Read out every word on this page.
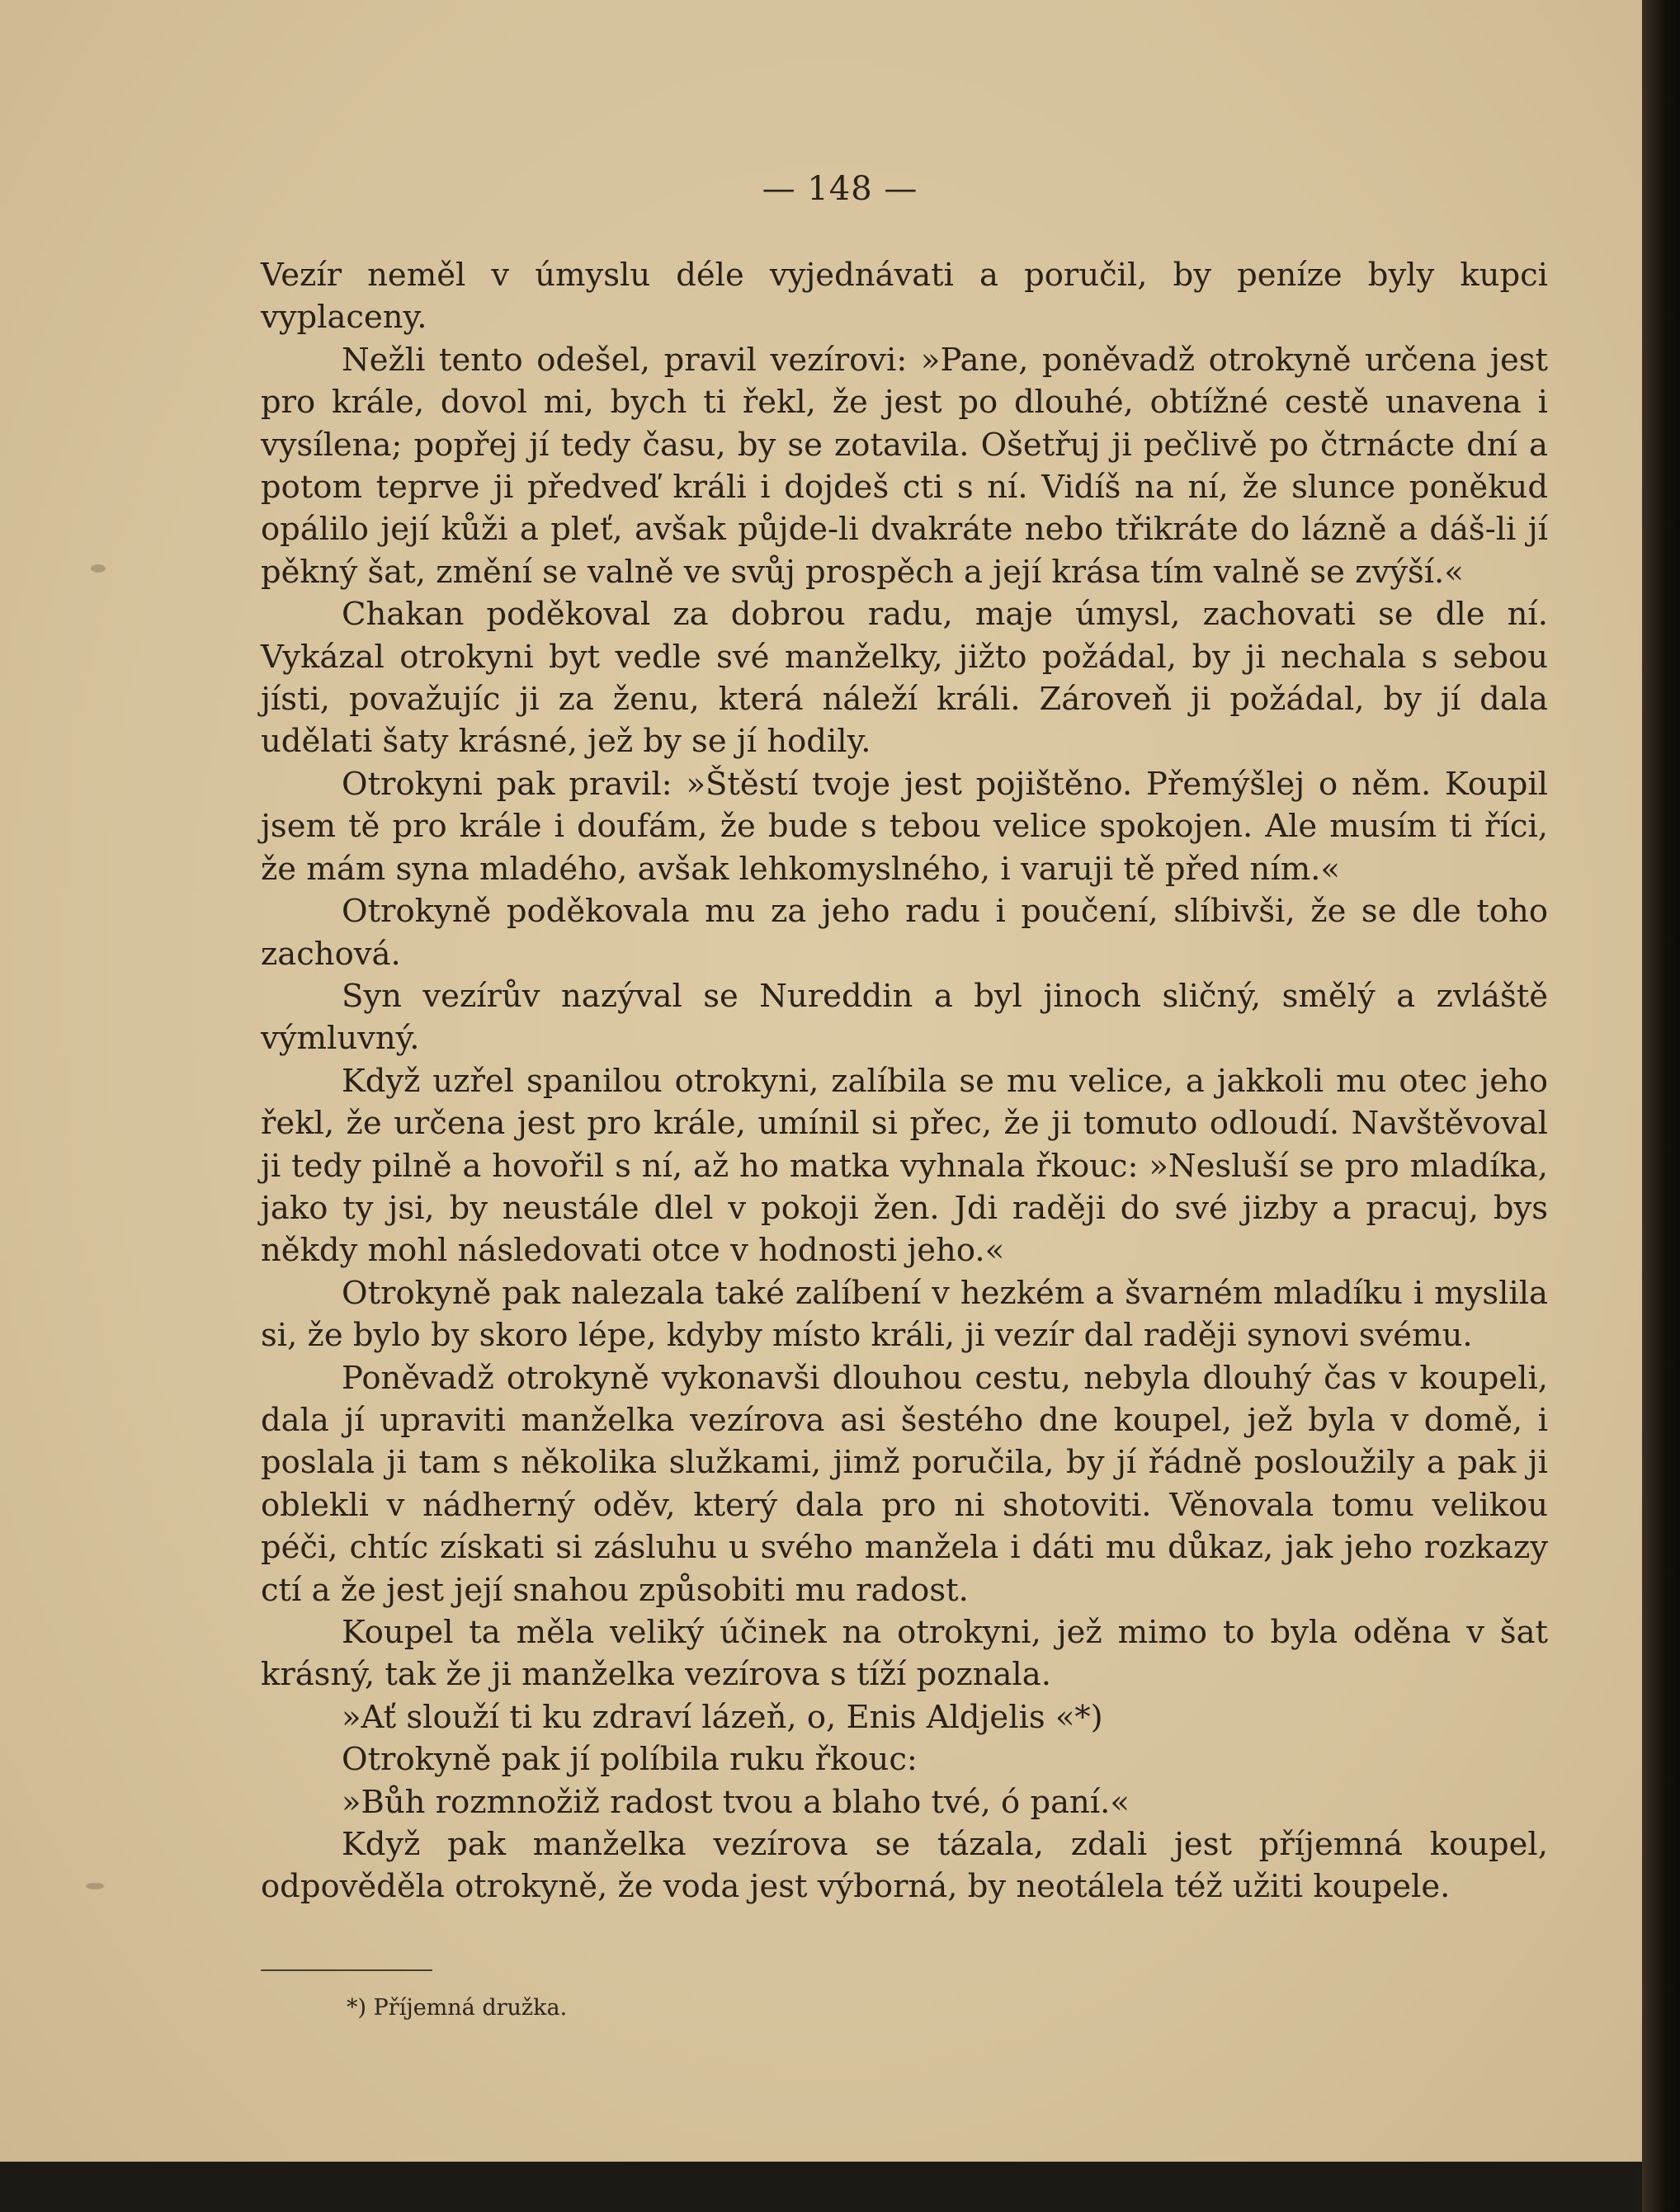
— 148 —

Vezír neměl v úmyslu déle vyjednávati a poručil, by peníze byly kupci vyplaceny.

Nežli tento odešel, pravil vezírovi: »Pane, poněvadž otrokyně určena jest pro krále, dovol mi, bych ti řekl, že jest po dlouhé, obtížné cestě unavena i vysílena; popřej jí tedy času, by se zotavila. Ošetřuj ji pečlivě po čtrnácte dní a potom teprve ji předveď králi i dojdeš cti s ní. Vidíš na ní, že slunce poněkud opálilo její kůži a pleť, avšak půjde-li dvakráte nebo třikráte do lázně a dáš-li jí pěkný šat, změní se valně ve svůj prospěch a její krása tím valně se zvýší.«

Chakan poděkoval za dobrou radu, maje úmysl, zachovati se dle ní. Vykázal otrokyni byt vedle své manželky, jižto požádal, by ji nechala s sebou jísti, považujíc ji za ženu, která náleží králi. Zároveň ji požádal, by jí dala udělati šaty krásné, jež by se jí hodily.

Otrokyni pak pravil: »Štěstí tvoje jest pojištěno. Přemýšlej o něm. Koupil jsem tě pro krále i doufám, že bude s tebou velice spokojen. Ale musím ti říci, že mám syna mladého, avšak lehkomyslného, i varuji tě před ním.«

Otrokyně poděkovala mu za jeho radu i poučení, slíbivši, že se dle toho zachová.

Syn vezírův nazýval se Nureddin a byl jinoch sličný, smělý a zvláště výmluvný.

Když uzřel spanilou otrokyni, zalíbila se mu velice, a jakkoli mu otec jeho řekl, že určena jest pro krále, umínil si přec, že ji tomuto odloudí. Navštěvoval ji tedy pilně a hovořil s ní, až ho matka vyhnala řkouc: »Nesluší se pro mladíka, jako ty jsi, by neustále dlel v pokoji žen. Jdi raději do své jizby a pracuj, bys někdy mohl následovati otce v hodnosti jeho.«

Otrokyně pak nalezala také zalíbení v hezkém a švarném mladíku i myslila si, že bylo by skoro lépe, kdyby místo králi, ji vezír dal raději synovi svému.

Poněvadž otrokyně vykonavši dlouhou cestu, nebyla dlouhý čas v koupeli, dala jí upraviti manželka vezírova asi šestého dne koupel, jež byla v domě, i poslala ji tam s několika služkami, jimž poručila, by jí řádně posloužily a pak ji oblekli v nádherný oděv, který dala pro ni shotoviti. Věnovala tomu velikou péči, chtíc získati si zásluhu u svého manžela i dáti mu důkaz, jak jeho rozkazy ctí a že jest její snahou způsobiti mu radost.

Koupel ta měla veliký účinek na otrokyni, jež mimo to byla oděna v šat krásný, tak že ji manželka vezírova s tíží poznala.

»Ať slouží ti ku zdraví lázeň, o, Enis Aldjelis «*)

Otrokyně pak jí políbila ruku řkouc:

»Bůh rozmnožiž radost tvou a blaho tvé, ó paní.«

Když pak manželka vezírova se tázala, zdali jest příjemná koupel, odpověděla otrokyně, že voda jest výborná, by neotálela též užiti koupele.

*) Příjemná družka.
